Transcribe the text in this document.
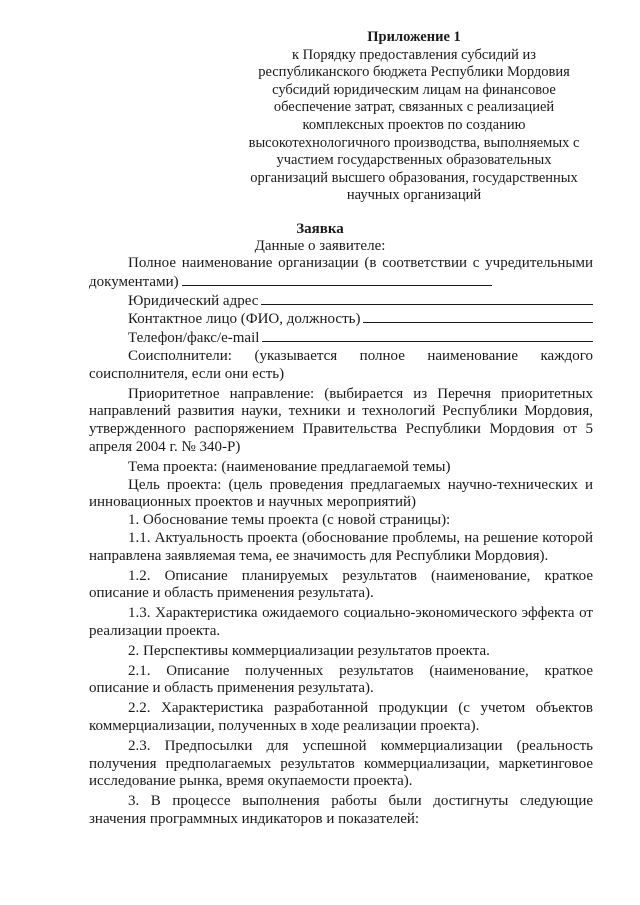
Приложение 1
к Порядку предоставления субсидий из
республиканского бюджета Республики Мордовия
субсидий юридическим лицам на финансовое
обеспечение затрат, связанных с реализацией
комплексных проектов по созданию
высокотехнологичного производства, выполняемых с
участием государственных образовательных
организаций высшего образования, государственных
научных организаций
Заявка
Данные о заявителе:

Полное наименование организации (в соответствии с учредительными документами)

Юридический адрес
Контактное лицо (ФИО, должность)
Телефон/факс/e-mail

Соисполнители: (указывается полное наименование каждого соисполнителя, если они есть)

Приоритетное направление: (выбирается из Перечня приоритетных направлений развития науки, техники и технологий Республики Мордовия, утвержденного распоряжением Правительства Республики Мордовия от 5 апреля 2004 г. № 340-Р)

Тема проекта: (наименование предлагаемой темы)

Цель проекта: (цель проведения предлагаемых научно-технических и инновационных проектов и научных мероприятий)

1. Обоснование темы проекта (с новой страницы):

1.1. Актуальность проекта (обоснование проблемы, на решение которой направлена заявляемая тема, ее значимость для Республики Мордовия).

1.2. Описание планируемых результатов (наименование, краткое описание и область применения результата).

1.3. Характеристика ожидаемого социально-экономического эффекта от реализации проекта.

2. Перспективы коммерциализации результатов проекта.

2.1. Описание полученных результатов (наименование, краткое описание и область применения результата).

2.2. Характеристика разработанной продукции (с учетом объектов коммерциализации, полученных в ходе реализации проекта).

2.3. Предпосылки для успешной коммерциализации (реальность получения предполагаемых результатов коммерциализации, маркетинговое исследование рынка, время окупаемости проекта).

3. В процессе выполнения работы были достигнуты следующие значения программных индикаторов и показателей:
